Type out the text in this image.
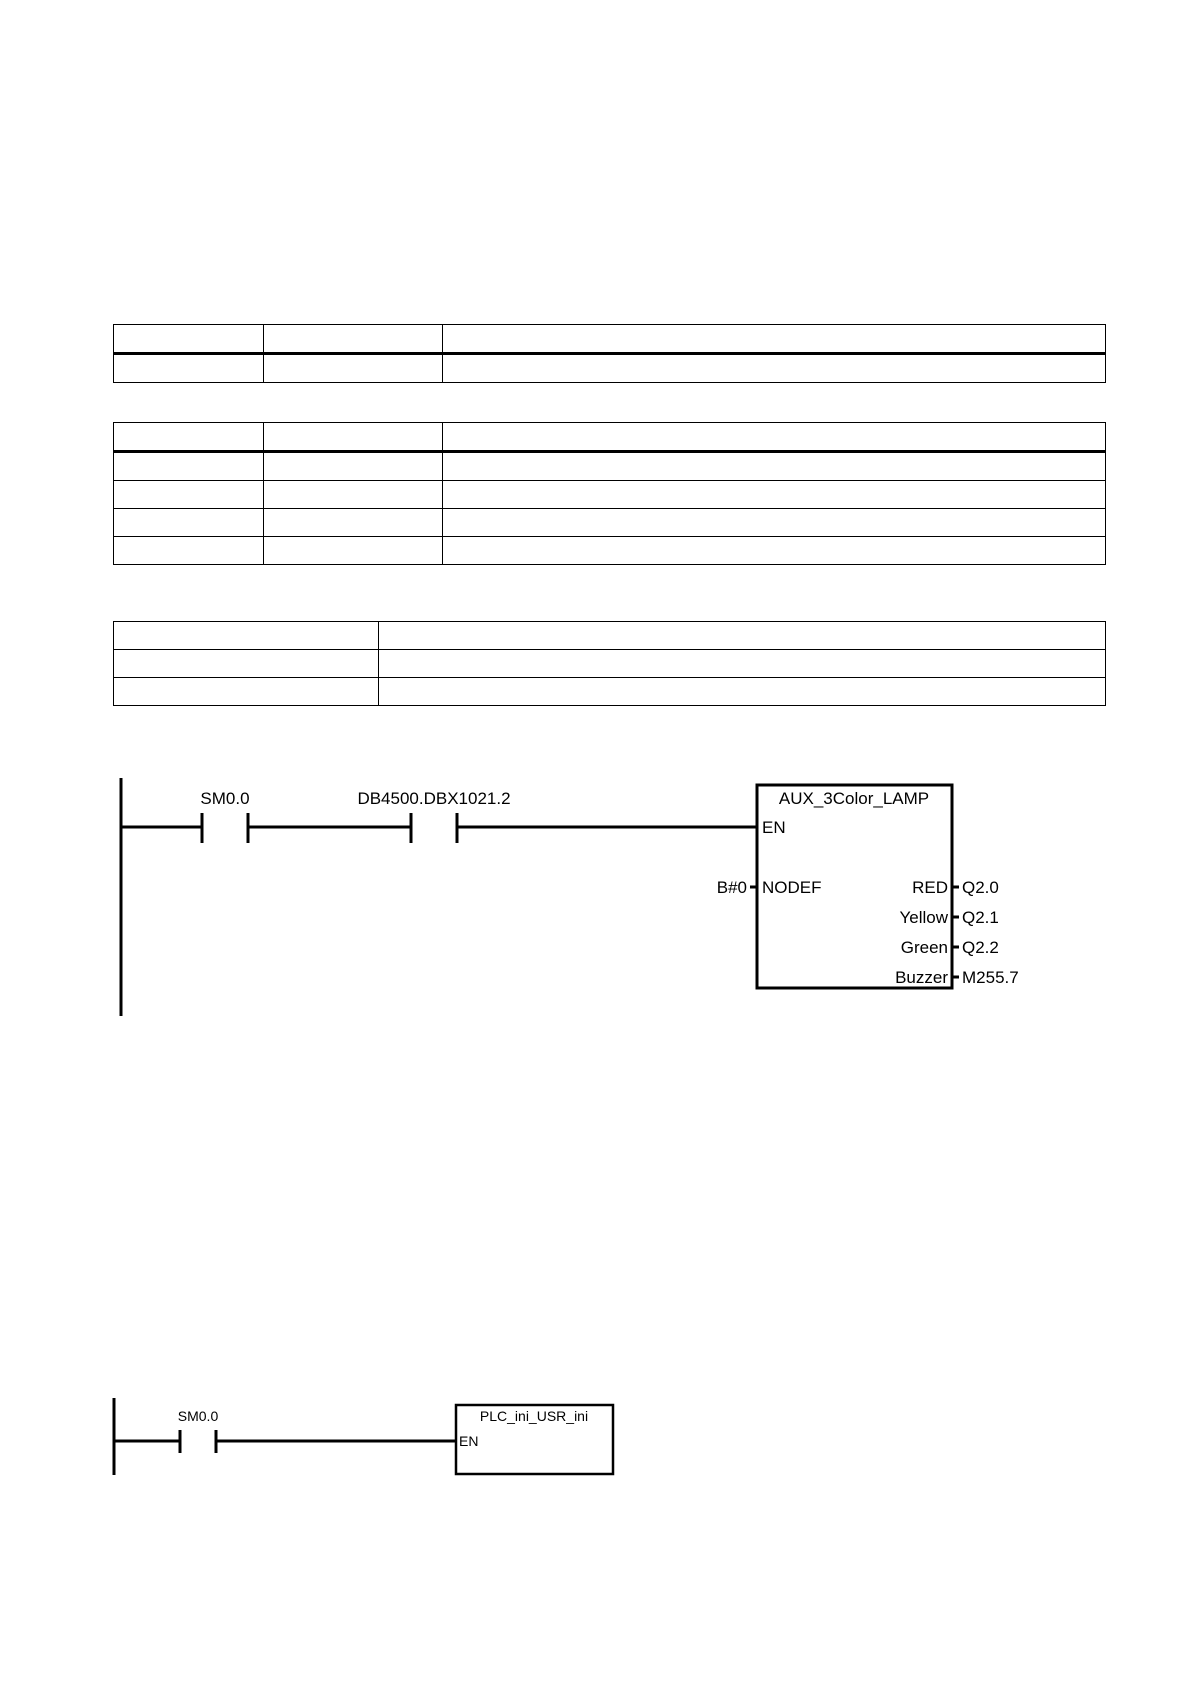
SM0.0	DB4500.DBX1021.2	AUX_3Color_LAMP
EN
NODEF
B#0	RED Q2.0
Yellow Q2.1
Green Q2.2
Buzzer M255.7
SM0.0	PLC_ini_USR_ini
EN
